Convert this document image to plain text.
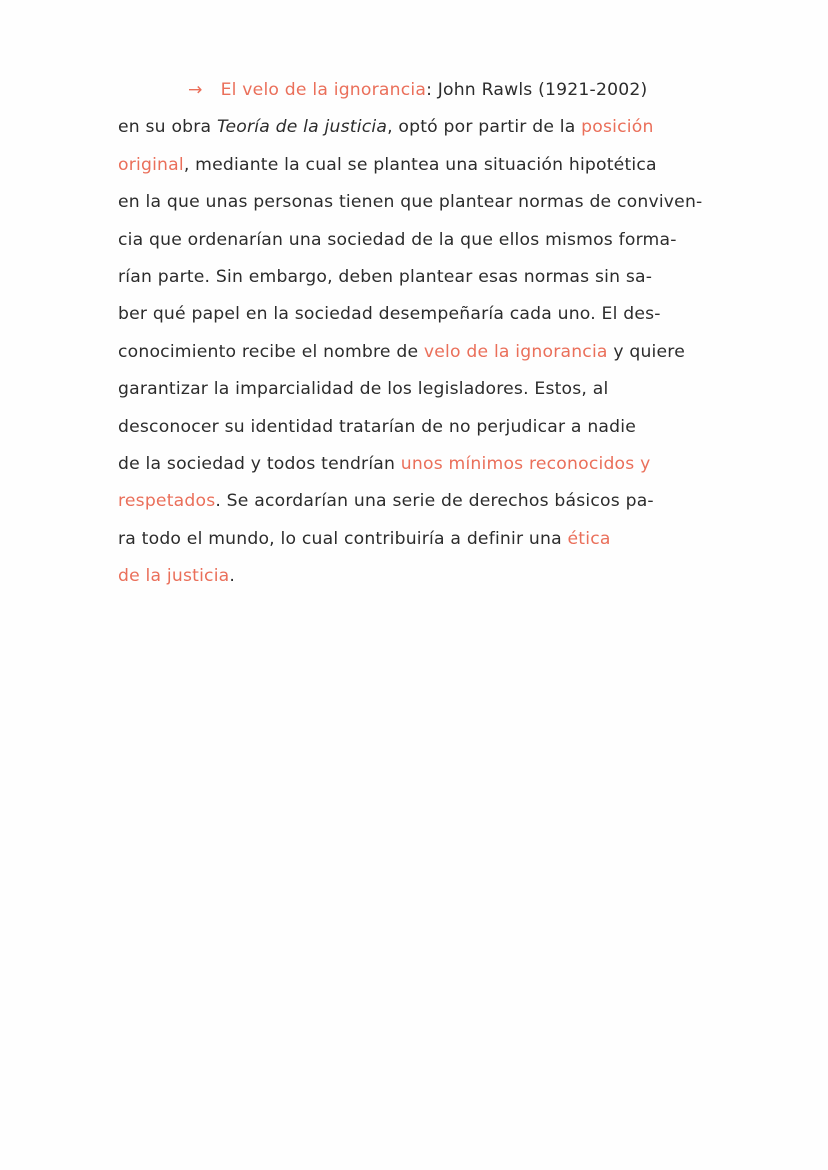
→ El velo de la ignorancia: John Rawls (1921-2002)
en su obra Teoría de la justicia, optó por partir de la posición
original, mediante la cual se plantea una situación hipotética
en la que unas personas tienen que plantear normas de conviven-
cia que ordenarían una sociedad de la que ellos mismos forma-
rían parte. Sin embargo, deben plantear esas normas sin sa-
ber qué papel en la sociedad desempeñaría cada uno. El des-
conocimiento recibe el nombre de velo de la ignorancia y quiere
garantizar la imparcialidad de los legisladores. Estos, al
desconocer su identidad tratarían de no perjudicar a nadie
de la sociedad y todos tendrían unos mínimos reconocidos y
respetados. Se acordarían una serie de derechos básicos pa-
ra todo el mundo, lo cual contribuiría a definir una ética
de la justicia.
